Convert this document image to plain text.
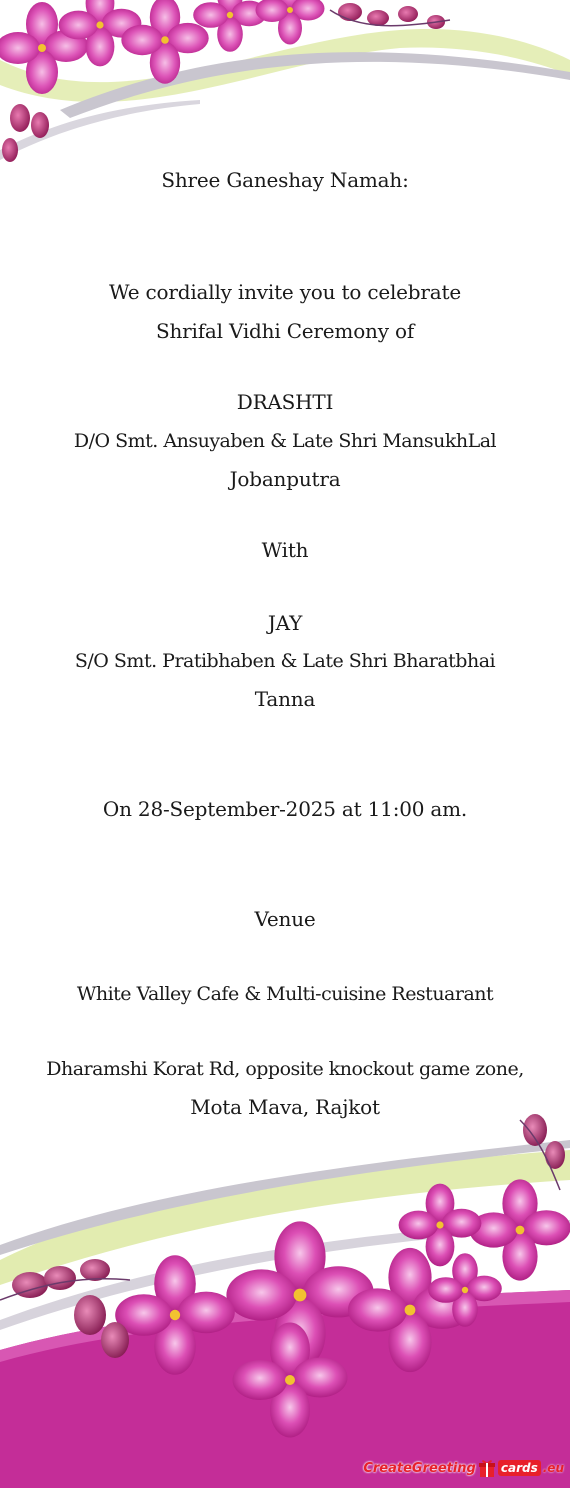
Shree Ganeshay Namah:
We cordially invite you to celebrate
Shrifal Vidhi Ceremony of
DRASHTI
D/O Smt. Ansuyaben & Late Shri MansukhLal
Jobanputra
With
JAY
S/O Smt. Pratibhaben & Late Shri Bharatbhai
Tanna
On 28-September-2025 at 11:00 am.
Venue
White Valley Cafe & Multi-cuisine Restuarant
Dharamshi Korat Rd, opposite knockout game zone,
Mota Mava, Rajkot
CreateGreeting cards .eu
